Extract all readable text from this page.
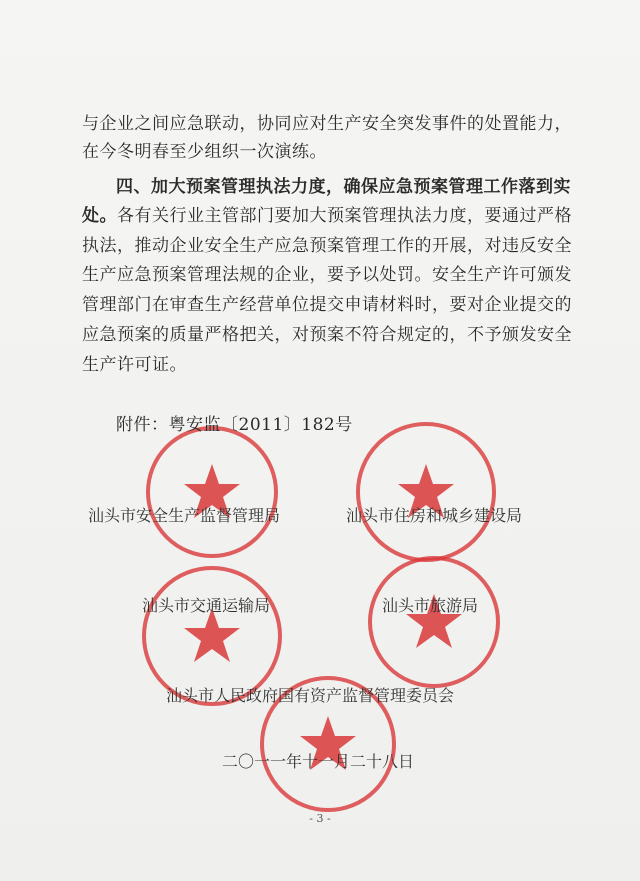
与企业之间应急联动，协同应对生产安全突发事件的处置能力，
在今冬明春至少组织一次演练。
四、加大预案管理执法力度，确保应急预案管理工作落到实
处。各有关行业主管部门要加大预案管理执法力度，要通过严格
执法，推动企业安全生产应急预案管理工作的开展，对违反安全
生产应急预案管理法规的企业，要予以处罚。安全生产许可颁发
管理部门在审查生产经营单位提交申请材料时，要对企业提交的
应急预案的质量严格把关，对预案不符合规定的，不予颁发安全
生产许可证。
附件：粤安监〔2011〕182号
汕头市安全生产监督管理局	汕头市住房和城乡建设局
汕头市交通运输局	汕头市旅游局
汕头市人民政府国有资产监督管理委员会
二〇一一年十一月二十八日
- 3 -
